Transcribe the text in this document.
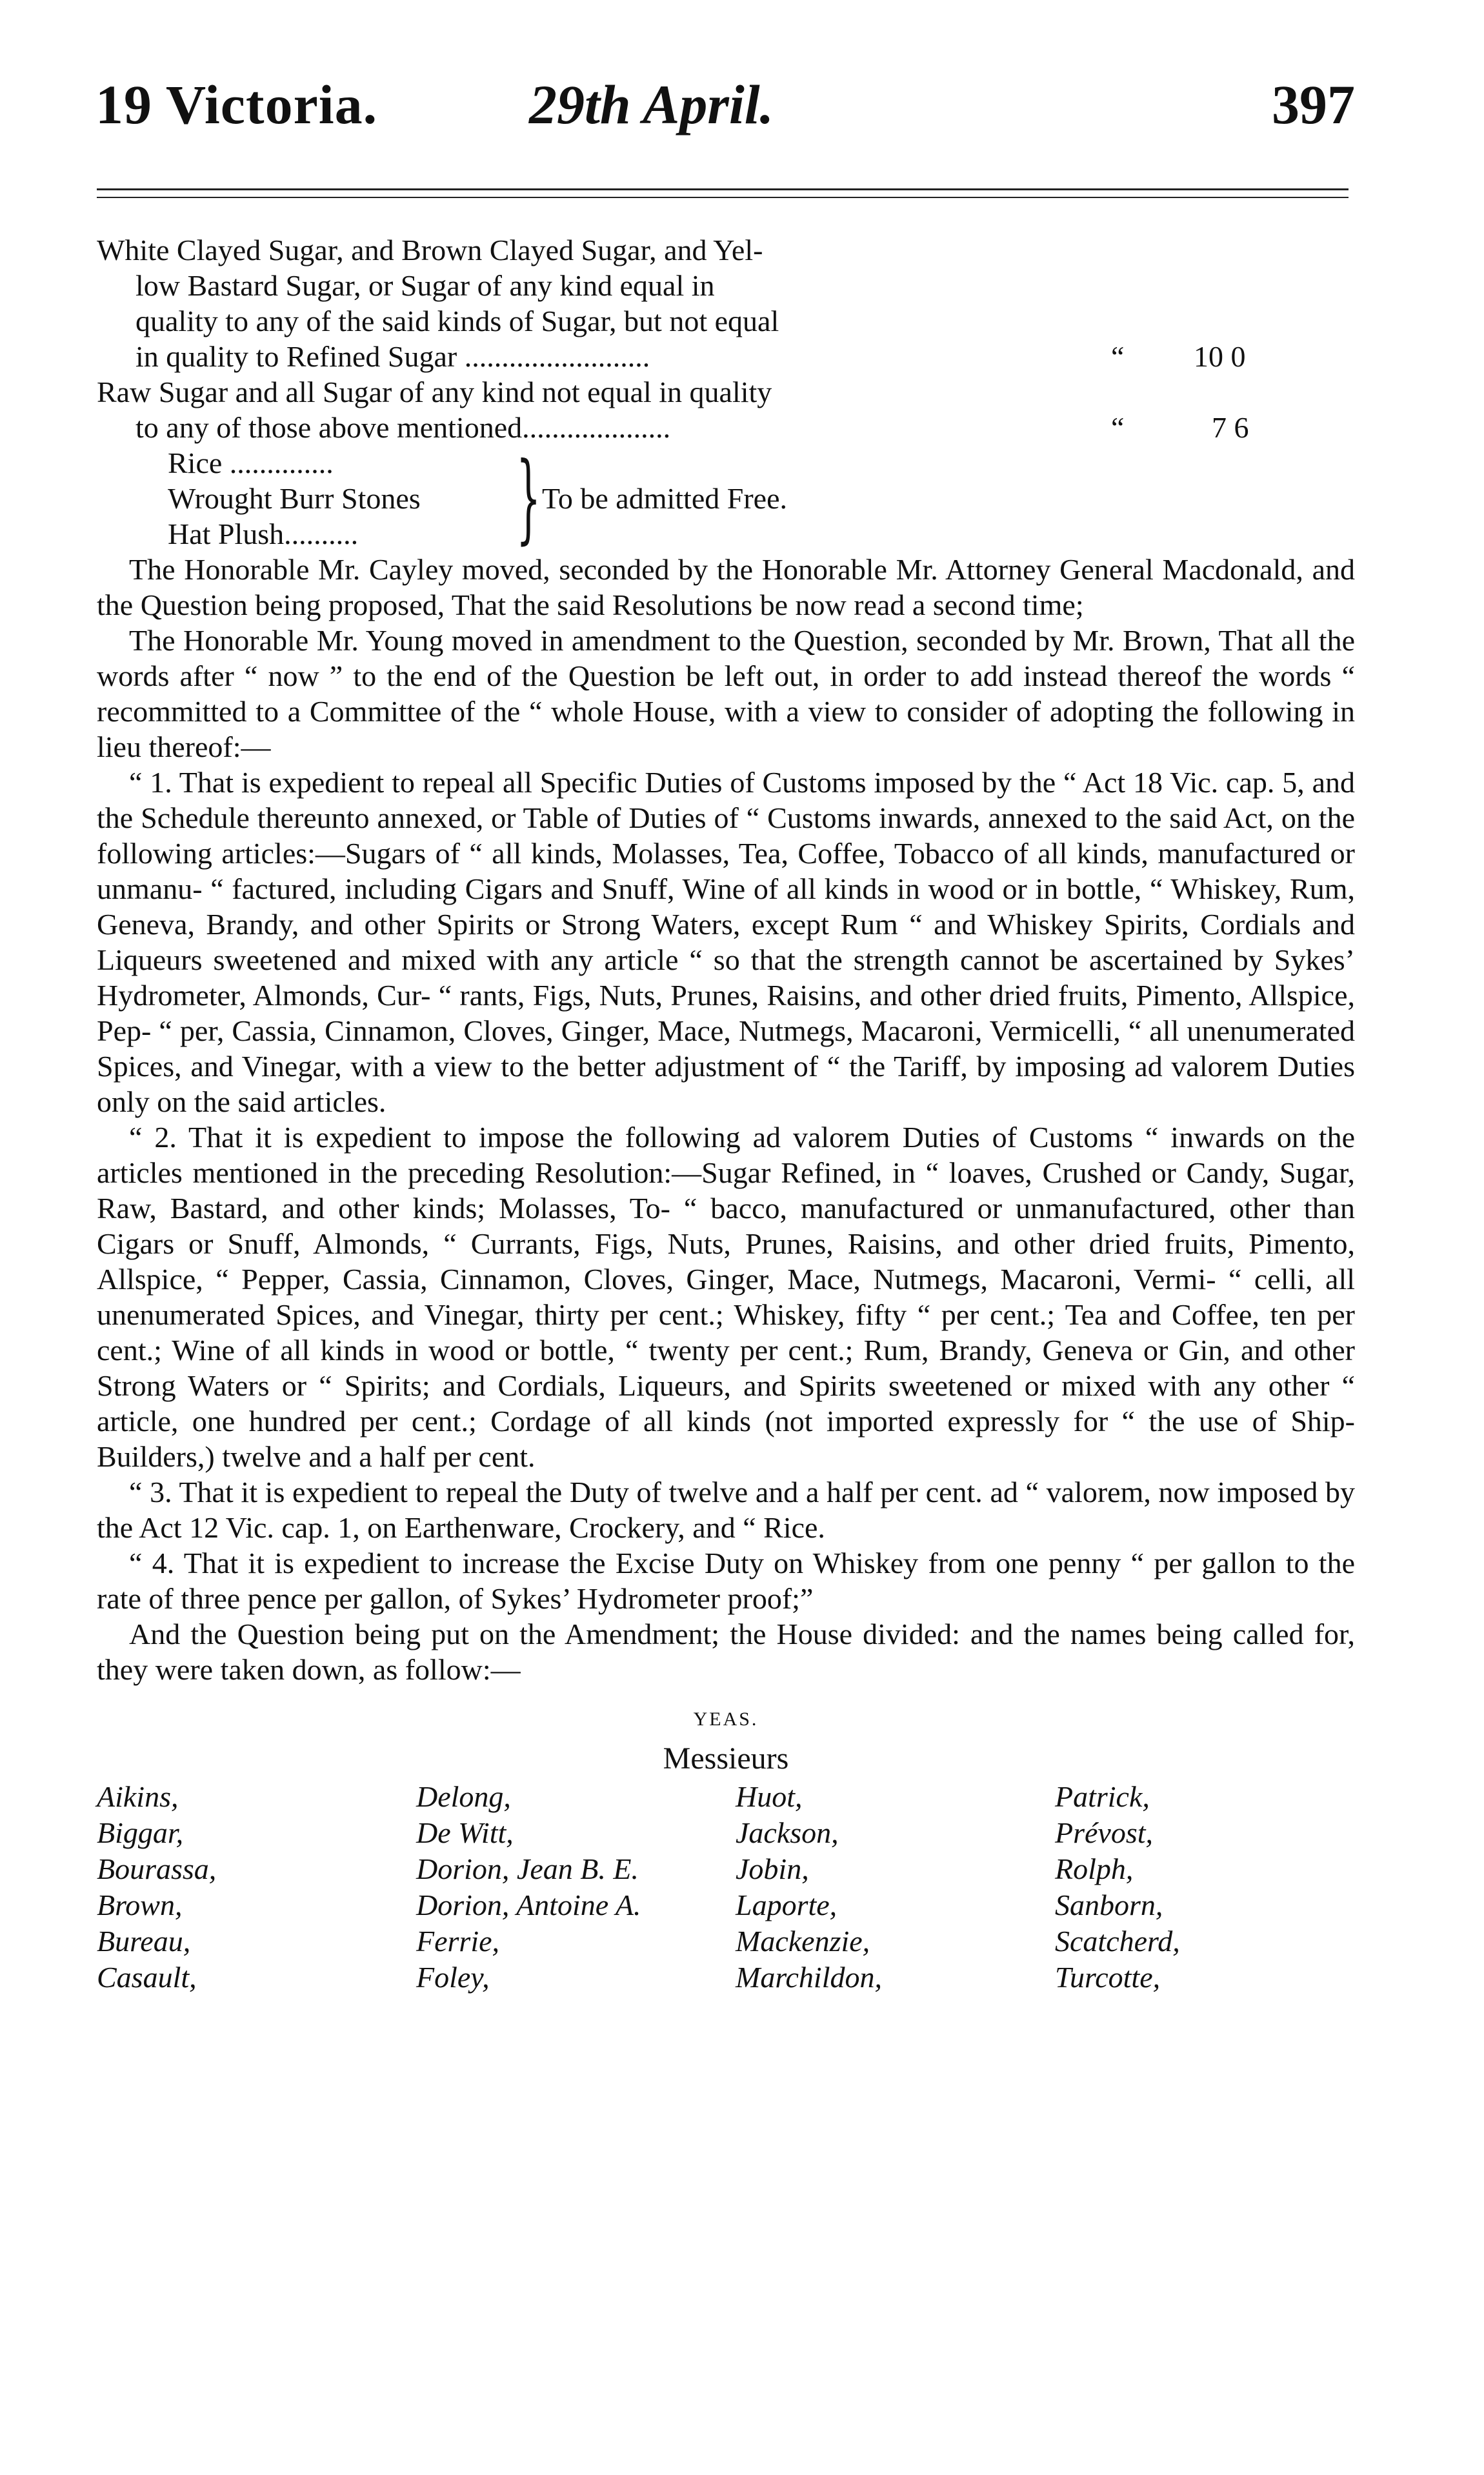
19 Victoria.	29th April.	397
White Clayed Sugar, and Brown Clayed Sugar, and Yel-
low Bastard Sugar, or Sugar of any kind equal in
quality to any of the said kinds of Sugar, but not equal
in quality to Refined Sugar .........................	“ 10 0
Raw Sugar and all Sugar of any kind not equal in quality
to any of those above mentioned....................	“	7 6
Rice ..............
Wrought Burr Stones
Hat Plush.......... } To be admitted Free.

The Honorable Mr. Cayley moved, seconded by the Honorable Mr. Attorney General Macdonald, and the Question being proposed, That the said Resolutions be now read a second time;

The Honorable Mr. Young moved in amendment to the Question, seconded by Mr. Brown, That all the words after “ now ” to the end of the Question be left out, in order to add instead thereof the words “ recommitted to a Committee of the “ whole House, with a view to consider of adopting the following in lieu thereof:—

“ 1. That is expedient to repeal all Specific Duties of Customs imposed by the “ Act 18 Vic. cap. 5, and the Schedule thereunto annexed, or Table of Duties of “ Customs inwards, annexed to the said Act, on the following articles:—Sugars of “ all kinds, Molasses, Tea, Coffee, Tobacco of all kinds, manufactured or unmanu- “ factured, including Cigars and Snuff, Wine of all kinds in wood or in bottle, “ Whiskey, Rum, Geneva, Brandy, and other Spirits or Strong Waters, except Rum “ and Whiskey Spirits, Cordials and Liqueurs sweetened and mixed with any article “ so that the strength cannot be ascertained by Sykes’ Hydrometer, Almonds, Cur- “ rants, Figs, Nuts, Prunes, Raisins, and other dried fruits, Pimento, Allspice, Pep- “ per, Cassia, Cinnamon, Cloves, Ginger, Mace, Nutmegs, Macaroni, Vermicelli, “ all unenumerated Spices, and Vinegar, with a view to the better adjustment of “ the Tariff, by imposing ad valorem Duties only on the said articles.

“ 2. That it is expedient to impose the following ad valorem Duties of Customs “ inwards on the articles mentioned in the preceding Resolution:—Sugar Refined, in “ loaves, Crushed or Candy, Sugar, Raw, Bastard, and other kinds; Molasses, To- “ bacco, manufactured or unmanufactured, other than Cigars or Snuff, Almonds, “ Currants, Figs, Nuts, Prunes, Raisins, and other dried fruits, Pimento, Allspice, “ Pepper, Cassia, Cinnamon, Cloves, Ginger, Mace, Nutmegs, Macaroni, Vermi- “ celli, all unenumerated Spices, and Vinegar, thirty per cent.; Whiskey, fifty “ per cent.; Tea and Coffee, ten per cent.; Wine of all kinds in wood or bottle, “ twenty per cent.; Rum, Brandy, Geneva or Gin, and other Strong Waters or “ Spirits; and Cordials, Liqueurs, and Spirits sweetened or mixed with any other “ article, one hundred per cent.; Cordage of all kinds (not imported expressly for “ the use of Ship-Builders,) twelve and a half per cent.

“ 3. That it is expedient to repeal the Duty of twelve and a half per cent. ad “ valorem, now imposed by the Act 12 Vic. cap. 1, on Earthenware, Crockery, and “ Rice.

“ 4. That it is expedient to increase the Excise Duty on Whiskey from one penny “ per gallon to the rate of three pence per gallon, of Sykes’ Hydrometer proof;”

And the Question being put on the Amendment; the House divided: and the names being called for, they were taken down, as follow:—

YEAS.
Messieurs
Aikins,	Delong,	Huot,	Patrick,
Biggar,	De Witt,	Jackson,	Prévost,
Bourassa,	Dorion, Jean B. E.	Jobin,	Rolph,
Brown,	Dorion, Antoine A.	Laporte,	Sanborn,
Bureau,	Ferrie,	Mackenzie,	Scatcherd,
Casault,	Foley,	Marchildon,	Turcotte,
